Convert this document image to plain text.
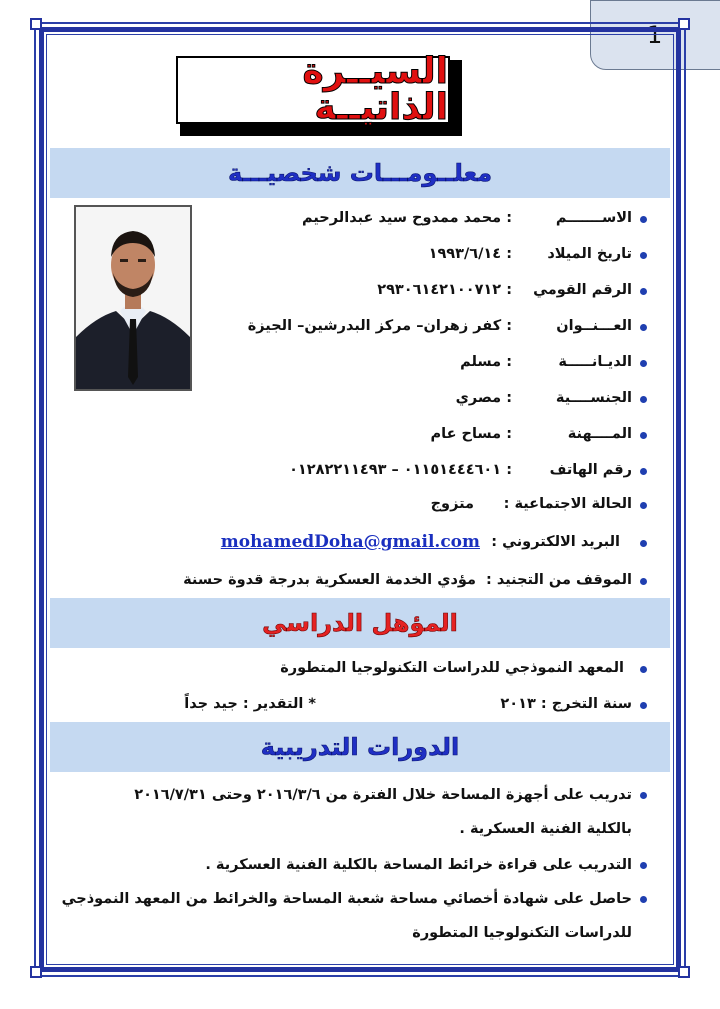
1
السيــرة الذاتيــة
معلــومـــات شخصيـــة
الاســـــــم
: محمد ممدوح سيد عبدالرحيم
تاريخ الميلاد
: ١٩٩٣/٦/١٤
الرقم القومي
: ٢٩٣٠٦١٤٢١٠٠٧١٢
العـــنــوان
: كفر زهران– مركز البدرشين– الجيزة
الديـانـــــة
: مسلم
الجنســــية
: مصري
المــــهنة
: مساح عام
رقم الهاتف
: ٠١١٥١٤٤٤٦٠١ – ٠١٢٨٢٢١١٤٩٣
الحالة الاجتماعية :
متزوج
البريد الالكتروني :
mohamedDoha@gmail.com
الموقف من التجنيد :
مؤدي الخدمة العسكرية بدرجة قدوة حسنة
المؤهل الدراسي
المعهد النموذجي للدراسات التكنولوجيا المتطورة
سنة التخرج : ٢٠١٣
* التقدير : جيد جداً
الدورات التدريبية
تدريب على أجهزة المساحة خلال الفترة من ٢٠١٦/٣/٦ وحتى ٢٠١٦/٧/٣١
بالكلية الفنية العسكرية .
التدريب على قراءة خرائط المساحة بالكلية الفنية العسكرية .
حاصل على شهادة أخصائي مساحة شعبة المساحة والخرائط من المعهد النموذجي
للدراسات التكنولوجيا المتطورة
